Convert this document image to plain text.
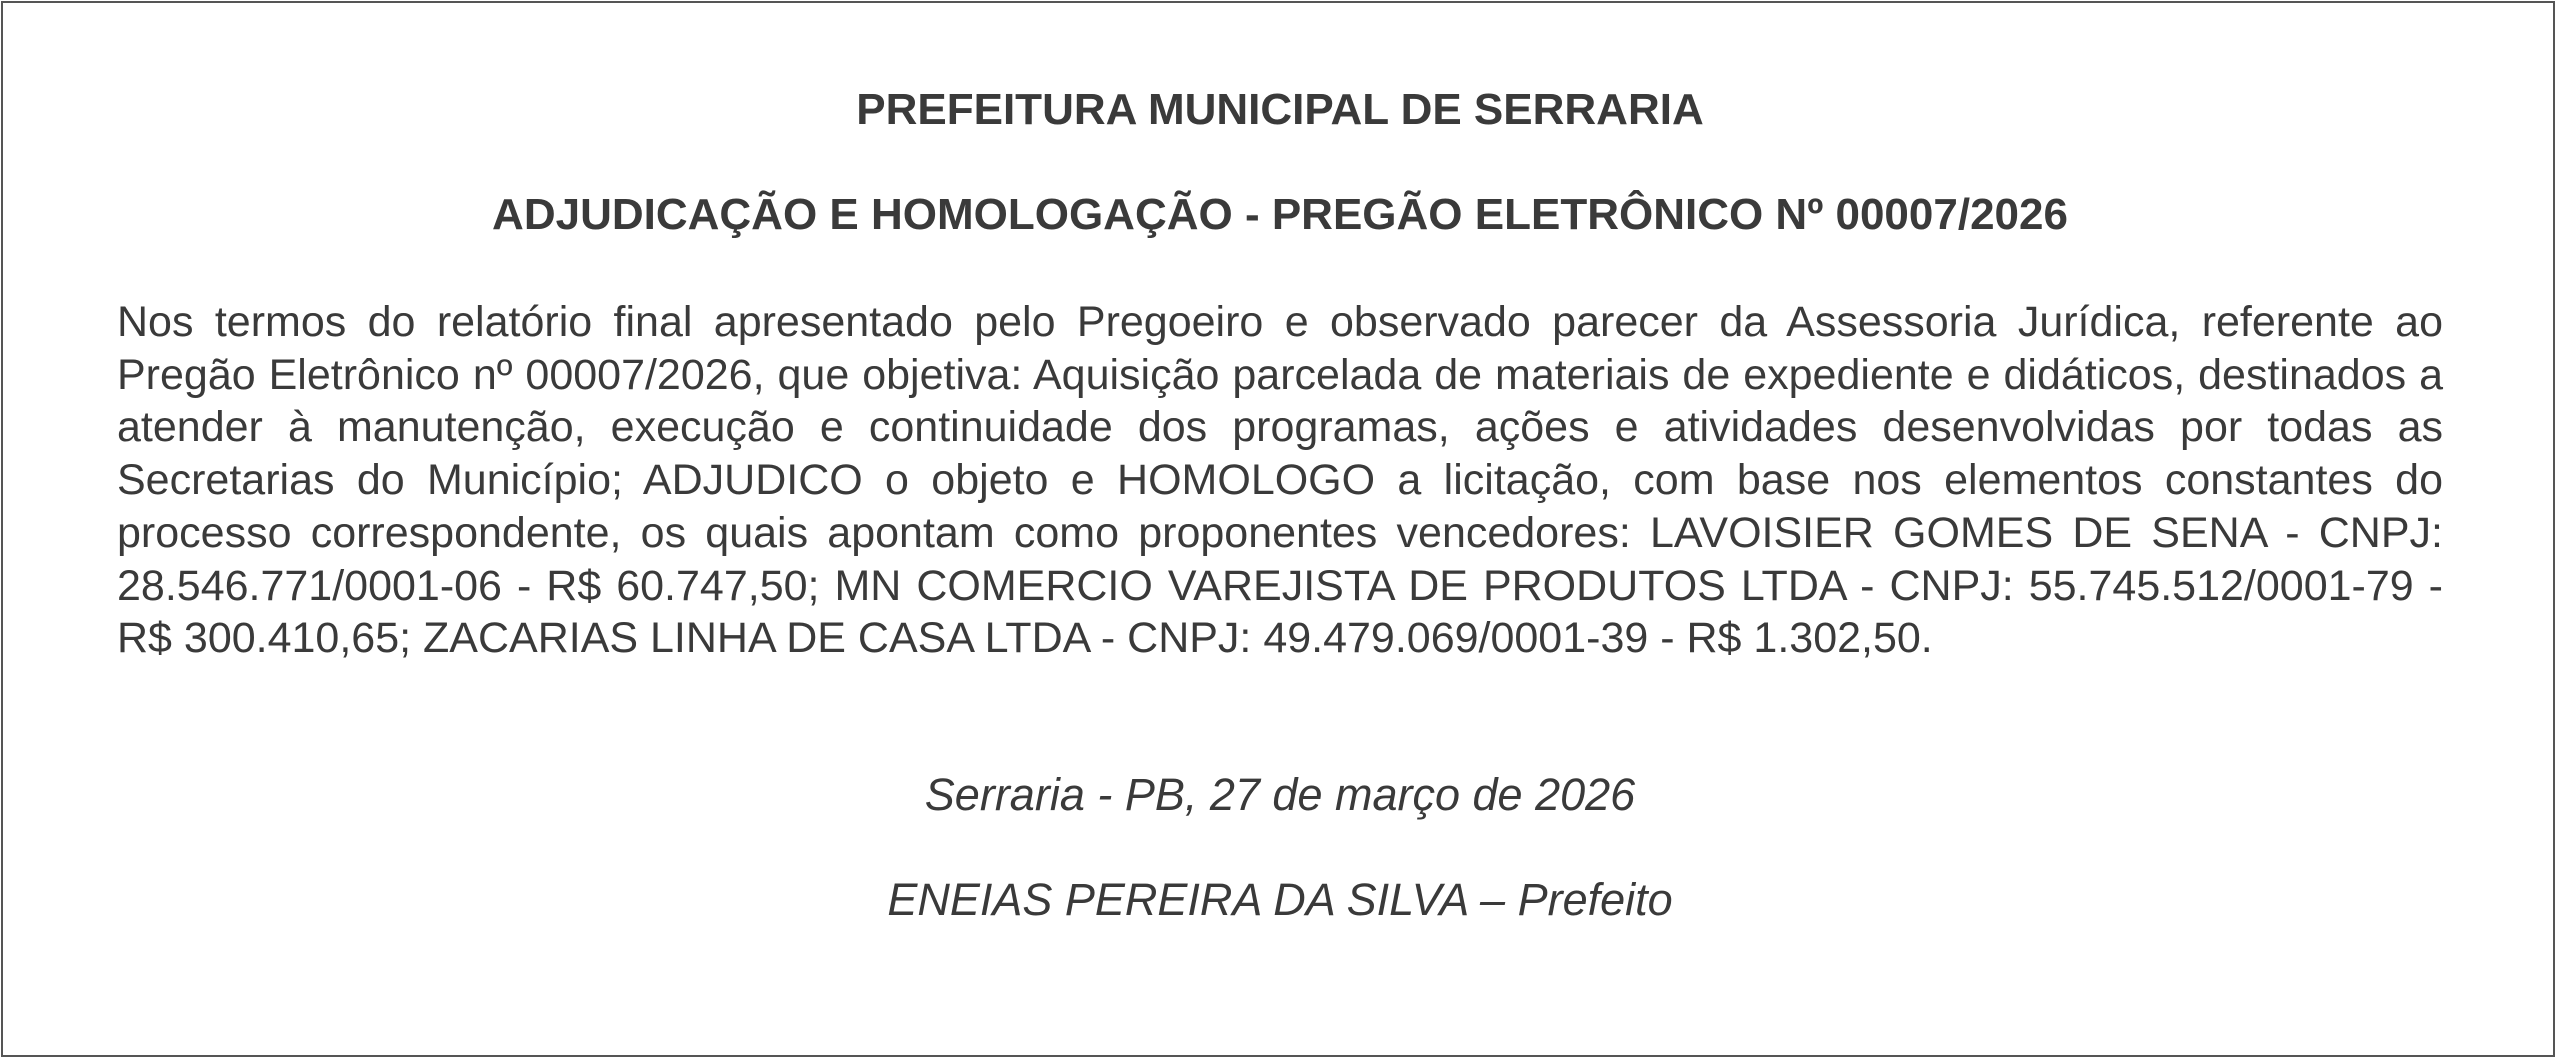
PREFEITURA MUNICIPAL DE SERRARIA
ADJUDICAÇÃO E HOMOLOGAÇÃO - PREGÃO ELETRÔNICO Nº 00007/2026

Nos termos do relatório final apresentado pelo Pregoeiro e observado parecer da Assessoria Jurídica, referente ao Pregão Eletrônico nº 00007/2026, que objetiva: Aquisição parcelada de materiais de expediente e didáticos, destinados a atender à manutenção, execução e continuidade dos programas, ações e atividades desenvolvidas por todas as Secretarias do Município; ADJUDICO o objeto e HOMOLOGO a licitação, com base nos elementos constantes do processo correspondente, os quais apontam como proponentes vencedores: LAVOISIER GOMES DE SENA - CNPJ: 28.546.771/0001-06 - R$ 60.747,50; MN COMERCIO VAREJISTA DE PRODUTOS LTDA - CNPJ: 55.745.512/0001-79 - R$ 300.410,65; ZACARIAS LINHA DE CASA LTDA - CNPJ: 49.479.069/0001-39 - R$ 1.302,50.

Serraria - PB, 27 de março de 2026
ENEIAS PEREIRA DA SILVA – Prefeito
